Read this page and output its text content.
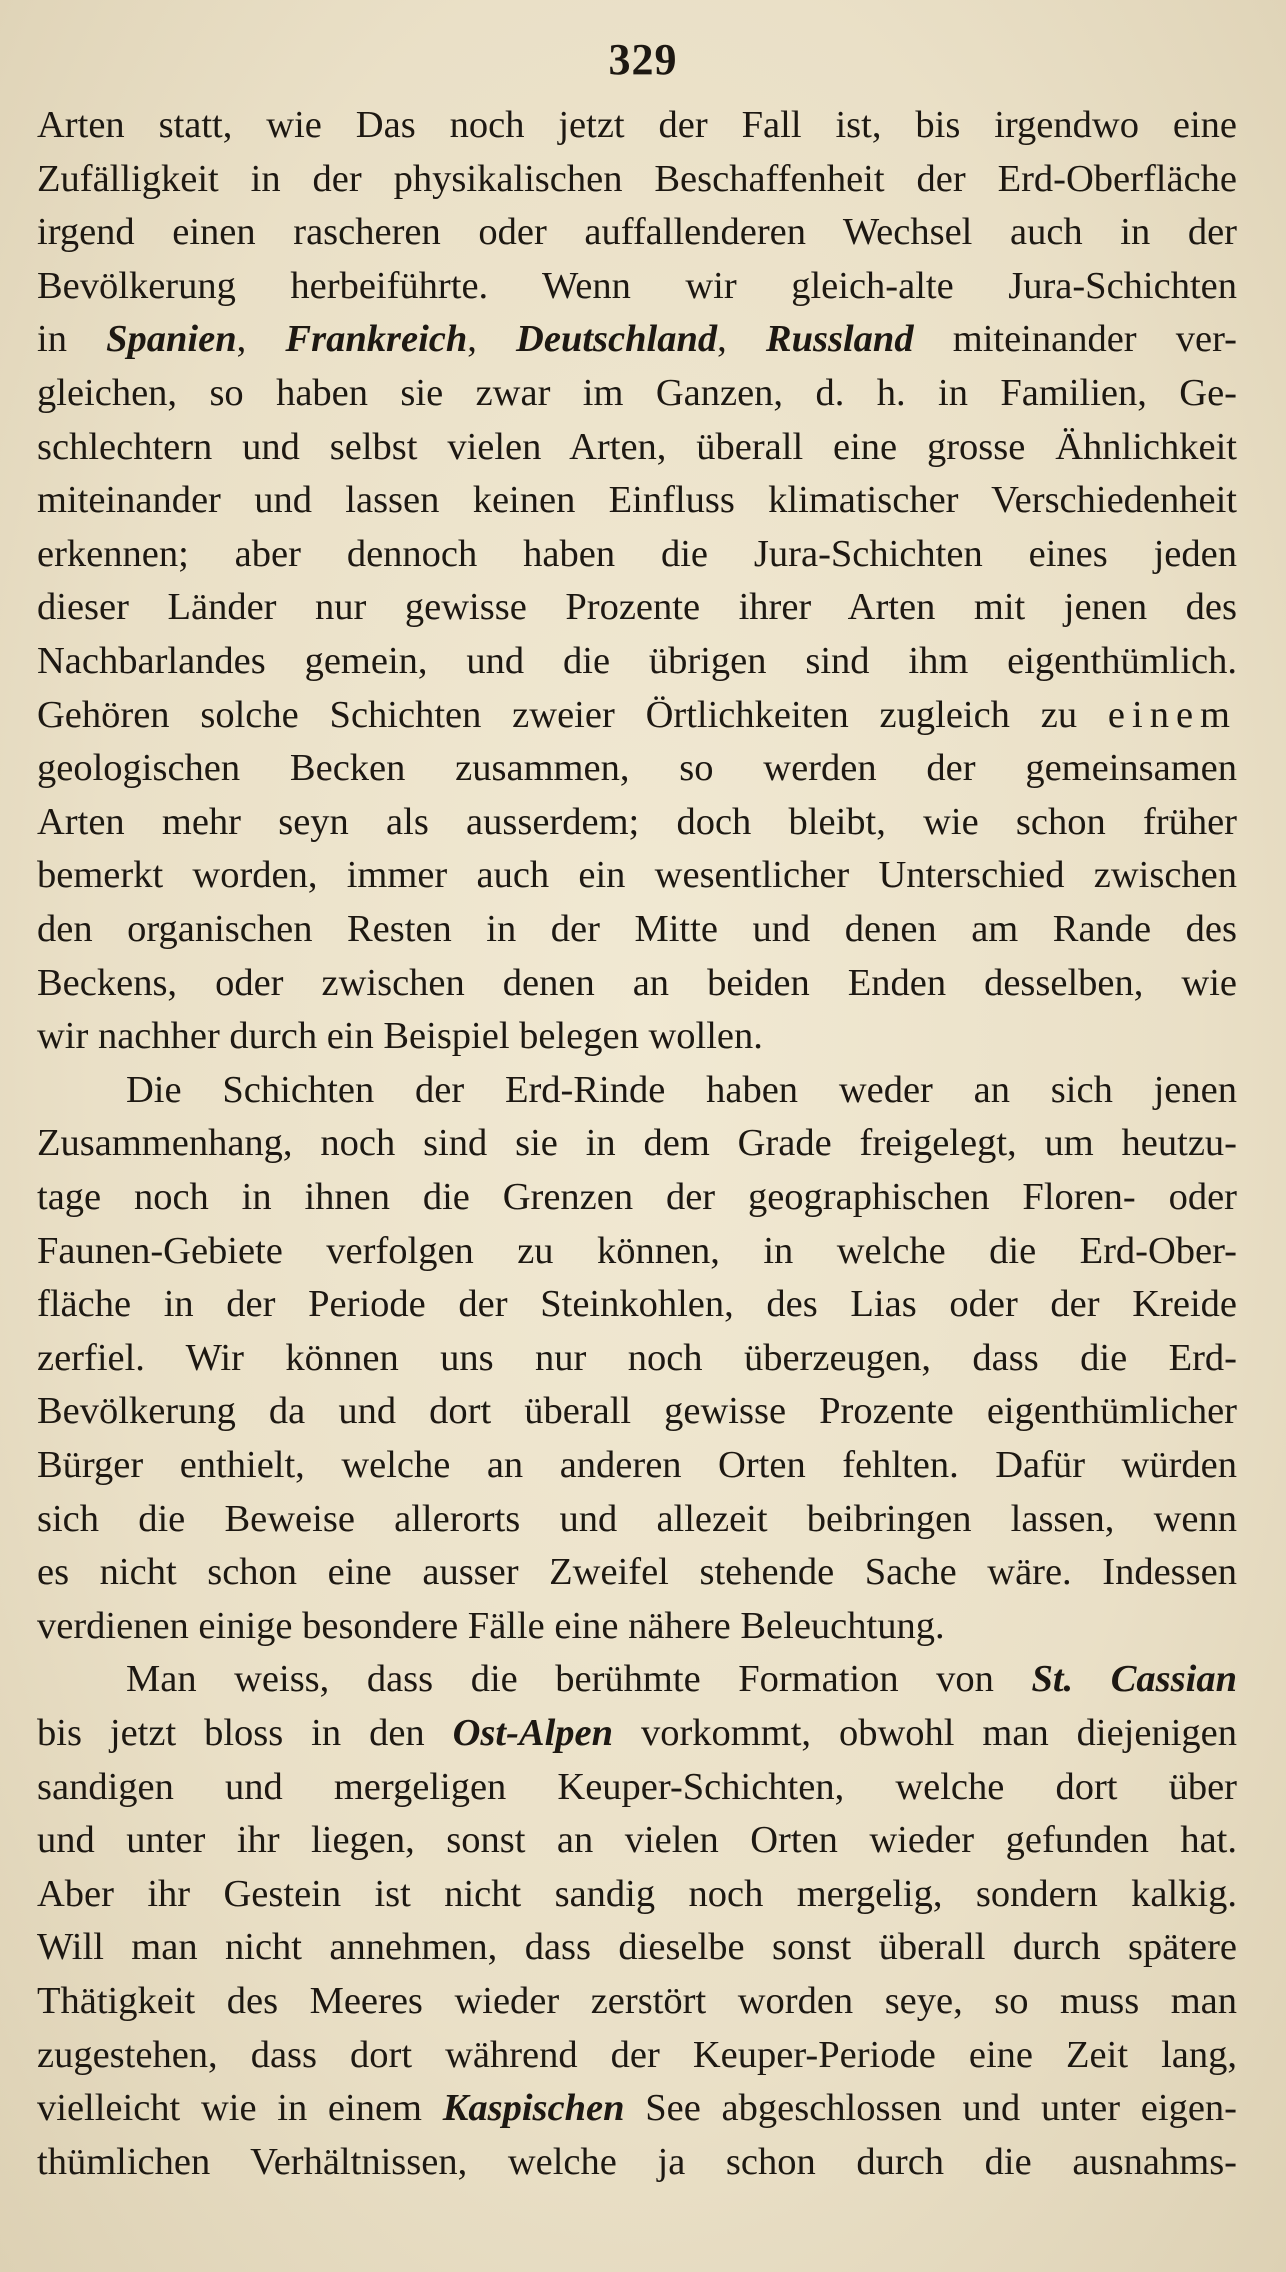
329
Arten statt, wie Das noch jetzt der Fall ist, bis irgendwo eine
Zufälligkeit in der physikalischen Beschaffenheit der Erd-Oberfläche
irgend einen rascheren oder auffallenderen Wechsel auch in der
Bevölkerung herbeiführte. Wenn wir gleich-alte Jura-Schichten
in Spanien, Frankreich, Deutschland, Russland miteinander ver-
gleichen, so haben sie zwar im Ganzen, d. h. in Familien, Ge-
schlechtern und selbst vielen Arten, überall eine grosse Ähnlichkeit
miteinander und lassen keinen Einfluss klimatischer Verschiedenheit
erkennen; aber dennoch haben die Jura-Schichten eines jeden
dieser Länder nur gewisse Prozente ihrer Arten mit jenen des
Nachbarlandes gemein, und die übrigen sind ihm eigenthümlich.
Gehören solche Schichten zweier Örtlichkeiten zugleich zu einem
geologischen Becken zusammen, so werden der gemeinsamen
Arten mehr seyn als ausserdem; doch bleibt, wie schon früher
bemerkt worden, immer auch ein wesentlicher Unterschied zwischen
den organischen Resten in der Mitte und denen am Rande des
Beckens, oder zwischen denen an beiden Enden desselben, wie
wir nachher durch ein Beispiel belegen wollen.
Die Schichten der Erd-Rinde haben weder an sich jenen
Zusammenhang, noch sind sie in dem Grade freigelegt, um heutzu-
tage noch in ihnen die Grenzen der geographischen Floren- oder
Faunen-Gebiete verfolgen zu können, in welche die Erd-Ober-
fläche in der Periode der Steinkohlen, des Lias oder der Kreide
zerfiel. Wir können uns nur noch überzeugen, dass die Erd-
Bevölkerung da und dort überall gewisse Prozente eigenthümlicher
Bürger enthielt, welche an anderen Orten fehlten. Dafür würden
sich die Beweise allerorts und allezeit beibringen lassen, wenn
es nicht schon eine ausser Zweifel stehende Sache wäre. Indessen
verdienen einige besondere Fälle eine nähere Beleuchtung.
Man weiss, dass die berühmte Formation von St. Cassian
bis jetzt bloss in den Ost-Alpen vorkommt, obwohl man diejenigen
sandigen und mergeligen Keuper-Schichten, welche dort über
und unter ihr liegen, sonst an vielen Orten wieder gefunden hat.
Aber ihr Gestein ist nicht sandig noch mergelig, sondern kalkig.
Will man nicht annehmen, dass dieselbe sonst überall durch spätere
Thätigkeit des Meeres wieder zerstört worden seye, so muss man
zugestehen, dass dort während der Keuper-Periode eine Zeit lang,
vielleicht wie in einem Kaspischen See abgeschlossen und unter eigen-
thümlichen Verhältnissen, welche ja schon durch die ausnahms-
